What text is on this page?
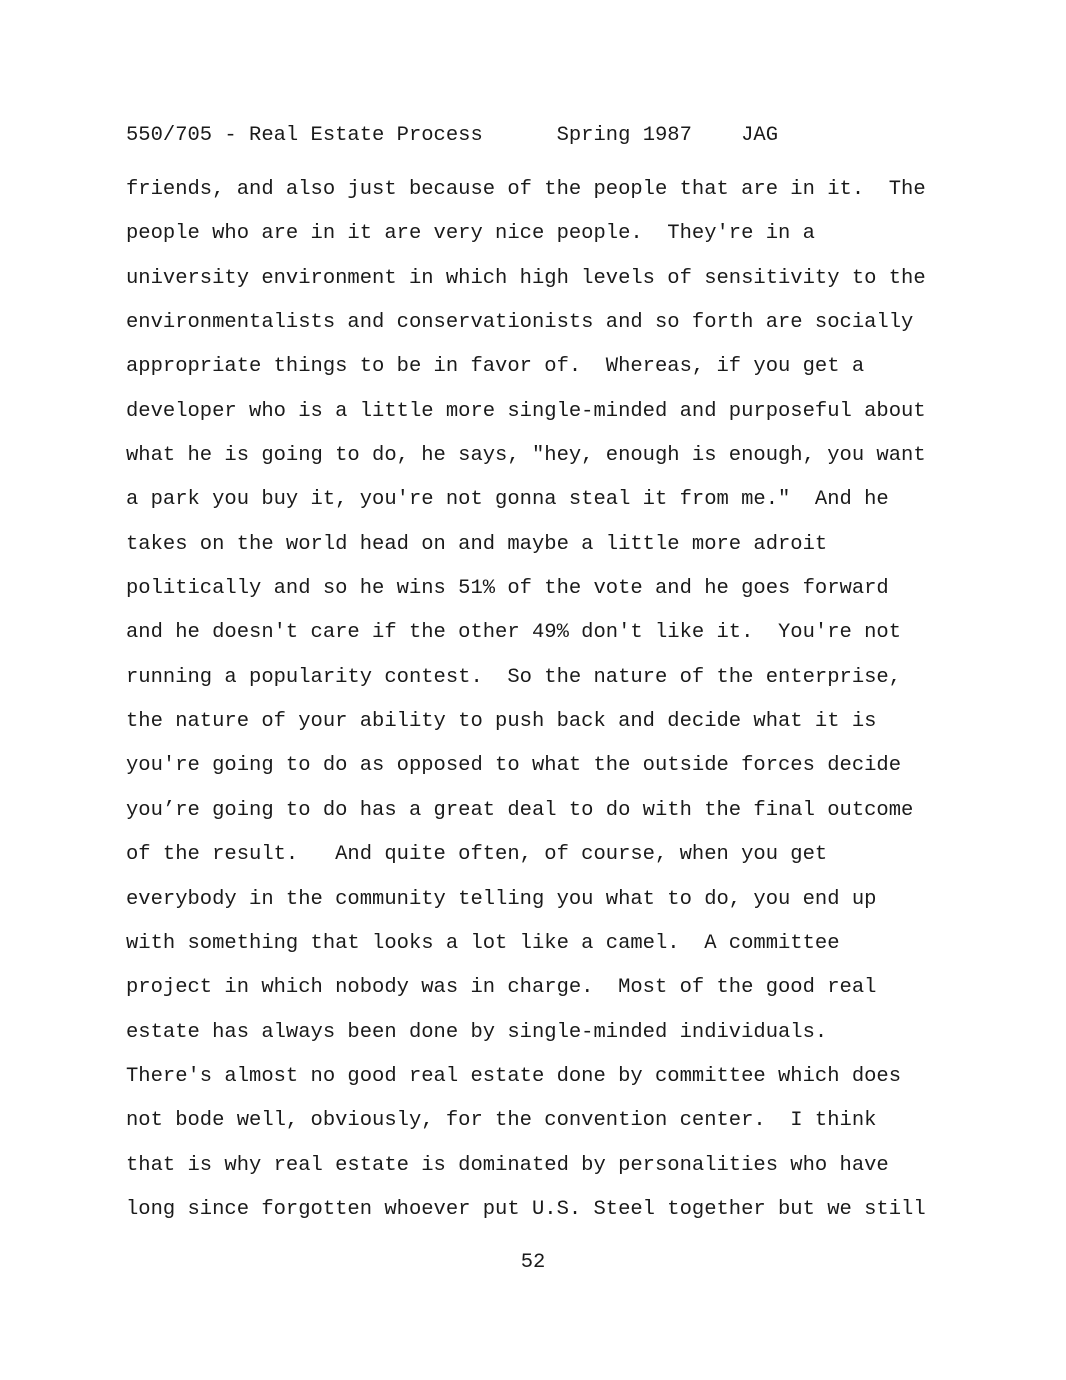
550/705 - Real Estate Process	Spring 1987 JAG
friends, and also just because of the people that are in it.  The
people who are in it are very nice people.  They're in a
university environment in which high levels of sensitivity to the
environmentalists and conservationists and so forth are socially
appropriate things to be in favor of.  Whereas, if you get a
developer who is a little more single-minded and purposeful about
what he is going to do, he says, "hey, enough is enough, you want
a park you buy it, you're not gonna steal it from me."  And he
takes on the world head on and maybe a little more adroit
politically and so he wins 51% of the vote and he goes forward
and he doesn't care if the other 49% don't like it.  You're not
running a popularity contest.  So the nature of the enterprise,
the nature of your ability to push back and decide what it is
you're going to do as opposed to what the outside forces decide
you’re going to do has a great deal to do with the final outcome
of the result.   And quite often, of course, when you get
everybody in the community telling you what to do, you end up
with something that looks a lot like a camel.  A committee
project in which nobody was in charge.  Most of the good real
estate has always been done by single-minded individuals.
There's almost no good real estate done by committee which does
not bode well, obviously, for the convention center.  I think
that is why real estate is dominated by personalities who have
long since forgotten whoever put U.S. Steel together but we still
52
